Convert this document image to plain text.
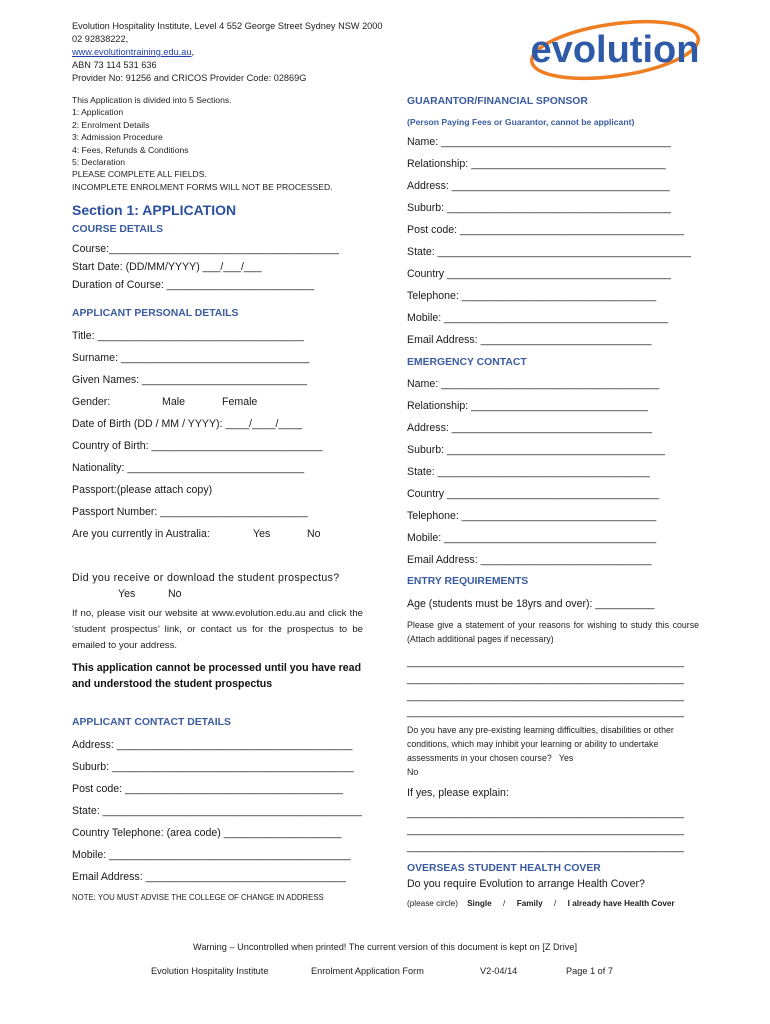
Evolution Hospitality Institute, Level 4 552 George Street Sydney NSW 2000
02 92838222,
www.evolutiontraining.edu.au,
ABN 73 114 531 636
Provider No: 91256 and CRICOS Provider Code: 02869G
evolution
This Application is divided into 5 Sections.
1: Application
2: Enrolment Details
3: Admission Procedure
4: Fees, Refunds & Conditions
5: Declaration
PLEASE COMPLETE ALL FIELDS.
INCOMPLETE ENROLMENT FORMS WILL NOT BE PROCESSED.
Section 1: APPLICATION
COURSE DETAILS
Course:_______________________________________
Start Date: (DD/MM/YYYY) ___/___/___
Duration of Course: _________________________
APPLICANT PERSONAL DETAILS
Title: ___________________________________
Surname: ________________________________
Given Names: ____________________________
Gender:	Male	Female
Date of Birth (DD / MM / YYYY): ____/____/____
Country of Birth: _____________________________
Nationality: ______________________________
Passport:(please attach copy)
Passport Number: _________________________
Are you currently in Australia:	Yes	No
Did you receive or download the student prospectus?
Yes	No
If no, please visit our website at www.evolution.edu.au and click the ‘student prospectus’ link, or contact us for the prospectus to be emailed to your address.
This application cannot be processed until you have read and understood the student prospectus
APPLICANT CONTACT DETAILS
Address: ________________________________________
Suburb: _________________________________________
Post code: _____________________________________
State: ____________________________________________
Country Telephone: (area code) ____________________
Mobile: _________________________________________
Email Address: __________________________________
NOTE: YOU MUST ADVISE THE COLLEGE OF CHANGE IN ADDRESS
GUARANTOR/FINANCIAL SPONSOR
(Person Paying Fees or Guarantor, cannot be applicant)
Name: _______________________________________
Relationship: _________________________________
Address: _____________________________________
Suburb: ______________________________________
Post code: ______________________________________
State: ___________________________________________
Country ______________________________________
Telephone: _________________________________
Mobile: ______________________________________
Email Address: _____________________________
EMERGENCY CONTACT
Name: _____________________________________
Relationship: ______________________________
Address: __________________________________
Suburb: _____________________________________
State: ____________________________________
Country ____________________________________
Telephone: _________________________________
Mobile: ____________________________________
Email Address: _____________________________
ENTRY REQUIREMENTS
Age (students must be 18yrs and over): __________
Please give a statement of your reasons for wishing to study this course (Attach additional pages if necessary)
_______________________________________________
_______________________________________________
_______________________________________________
_______________________________________________
Do you have any pre-existing learning difficulties, disabilities or other conditions, which may inhibit your learning or ability to undertake assessments in your chosen course? Yes
No
If yes, please explain:
_______________________________________________
_______________________________________________
_______________________________________________
OVERSEAS STUDENT HEALTH COVER
Do you require Evolution to arrange Health Cover?
(please circle) Single / Family / I already have Health Cover
Warning – Uncontrolled when printed! The current version of this document is kept on [Z Drive]
Evolution Hospitality Institute	Enrolment Application Form	V2-04/14	Page 1 of 7
